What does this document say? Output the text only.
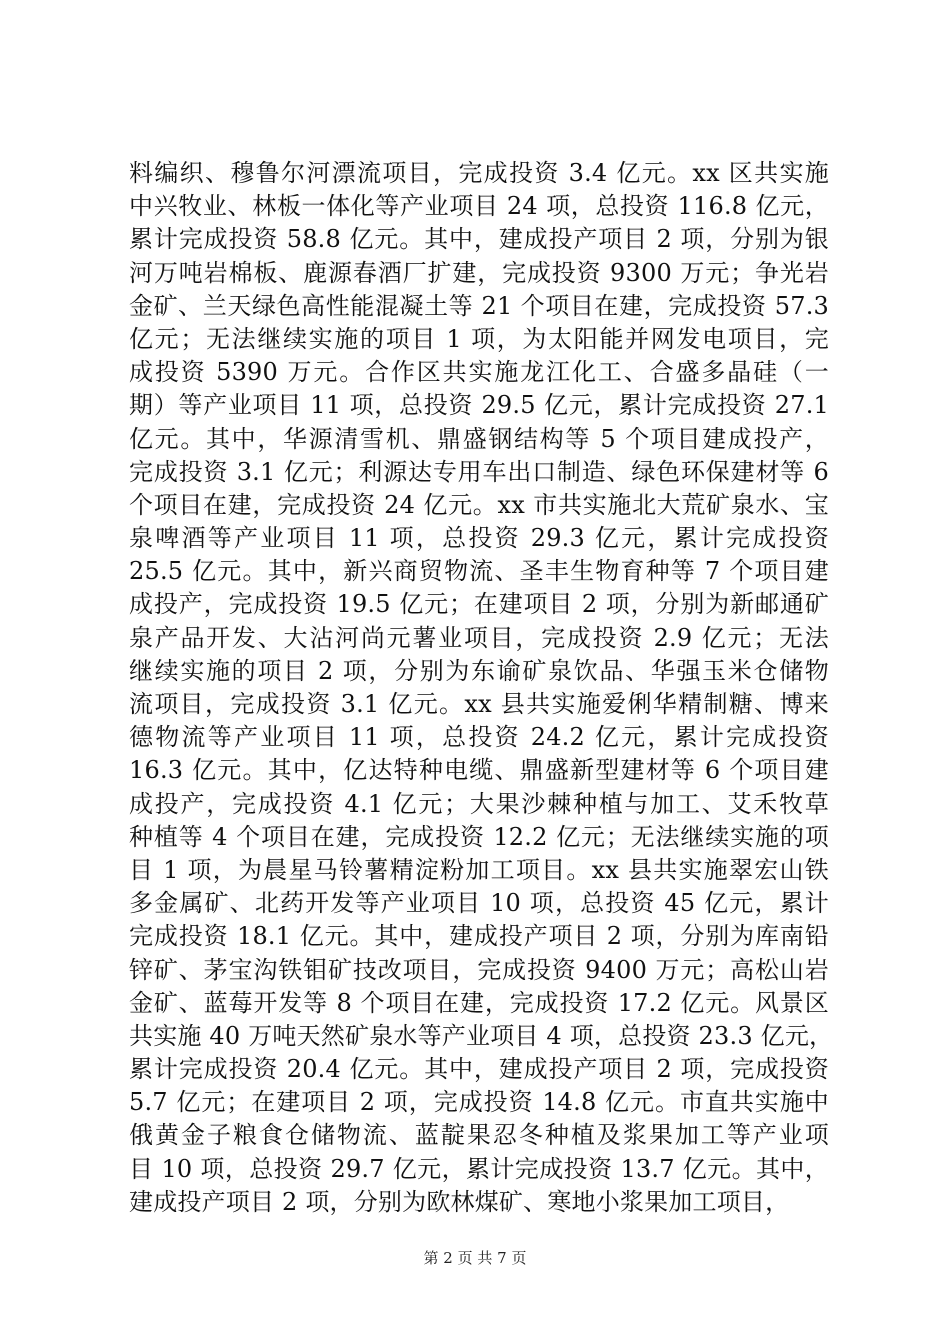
料编织、穆鲁尔河漂流项目，完成投资 3.4 亿元。xx 区共实施
中兴牧业、林板一体化等产业项目 24 项，总投资 116.8 亿元，
累计完成投资 58.8 亿元。其中，建成投产项目 2 项，分别为银
河万吨岩棉板、鹿源春酒厂扩建，完成投资 9300 万元；争光岩
金矿、兰天绿色高性能混凝土等 21 个项目在建，完成投资 57.3
亿元；无法继续实施的项目 1 项，为太阳能并网发电项目，完
成投资 5390 万元。合作区共实施龙江化工、合盛多晶硅（一
期）等产业项目 11 项，总投资 29.5 亿元，累计完成投资 27.1
亿元。其中，华源清雪机、鼎盛钢结构等 5 个项目建成投产，
完成投资 3.1 亿元；利源达专用车出口制造、绿色环保建材等 6
个项目在建，完成投资 24 亿元。xx 市共实施北大荒矿泉水、宝
泉啤酒等产业项目 11 项，总投资 29.3 亿元，累计完成投资
25.5 亿元。其中，新兴商贸物流、圣丰生物育种等 7 个项目建
成投产，完成投资 19.5 亿元；在建项目 2 项，分别为新邮通矿
泉产品开发、大沾河尚元薯业项目，完成投资 2.9 亿元；无法
继续实施的项目 2 项，分别为东谕矿泉饮品、华强玉米仓储物
流项目，完成投资 3.1 亿元。xx 县共实施爱俐华精制糖、博来
德物流等产业项目 11 项，总投资 24.2 亿元，累计完成投资
16.3 亿元。其中，亿达特种电缆、鼎盛新型建材等 6 个项目建
成投产，完成投资 4.1 亿元；大果沙棘种植与加工、艾禾牧草
种植等 4 个项目在建，完成投资 12.2 亿元；无法继续实施的项
目 1 项，为晨星马铃薯精淀粉加工项目。xx 县共实施翠宏山铁
多金属矿、北药开发等产业项目 10 项，总投资 45 亿元，累计
完成投资 18.1 亿元。其中，建成投产项目 2 项，分别为库南铅
锌矿、茅宝沟铁钼矿技改项目，完成投资 9400 万元；高松山岩
金矿、蓝莓开发等 8 个项目在建，完成投资 17.2 亿元。风景区
共实施 40 万吨天然矿泉水等产业项目 4 项，总投资 23.3 亿元，
累计完成投资 20.4 亿元。其中，建成投产项目 2 项，完成投资
5.7 亿元；在建项目 2 项，完成投资 14.8 亿元。市直共实施中
俄黄金子粮食仓储物流、蓝靛果忍冬种植及浆果加工等产业项
目 10 项，总投资 29.7 亿元，累计完成投资 13.7 亿元。其中，
建成投产项目 2 项，分别为欧林煤矿、寒地小浆果加工项目，
第 2 页 共 7 页
